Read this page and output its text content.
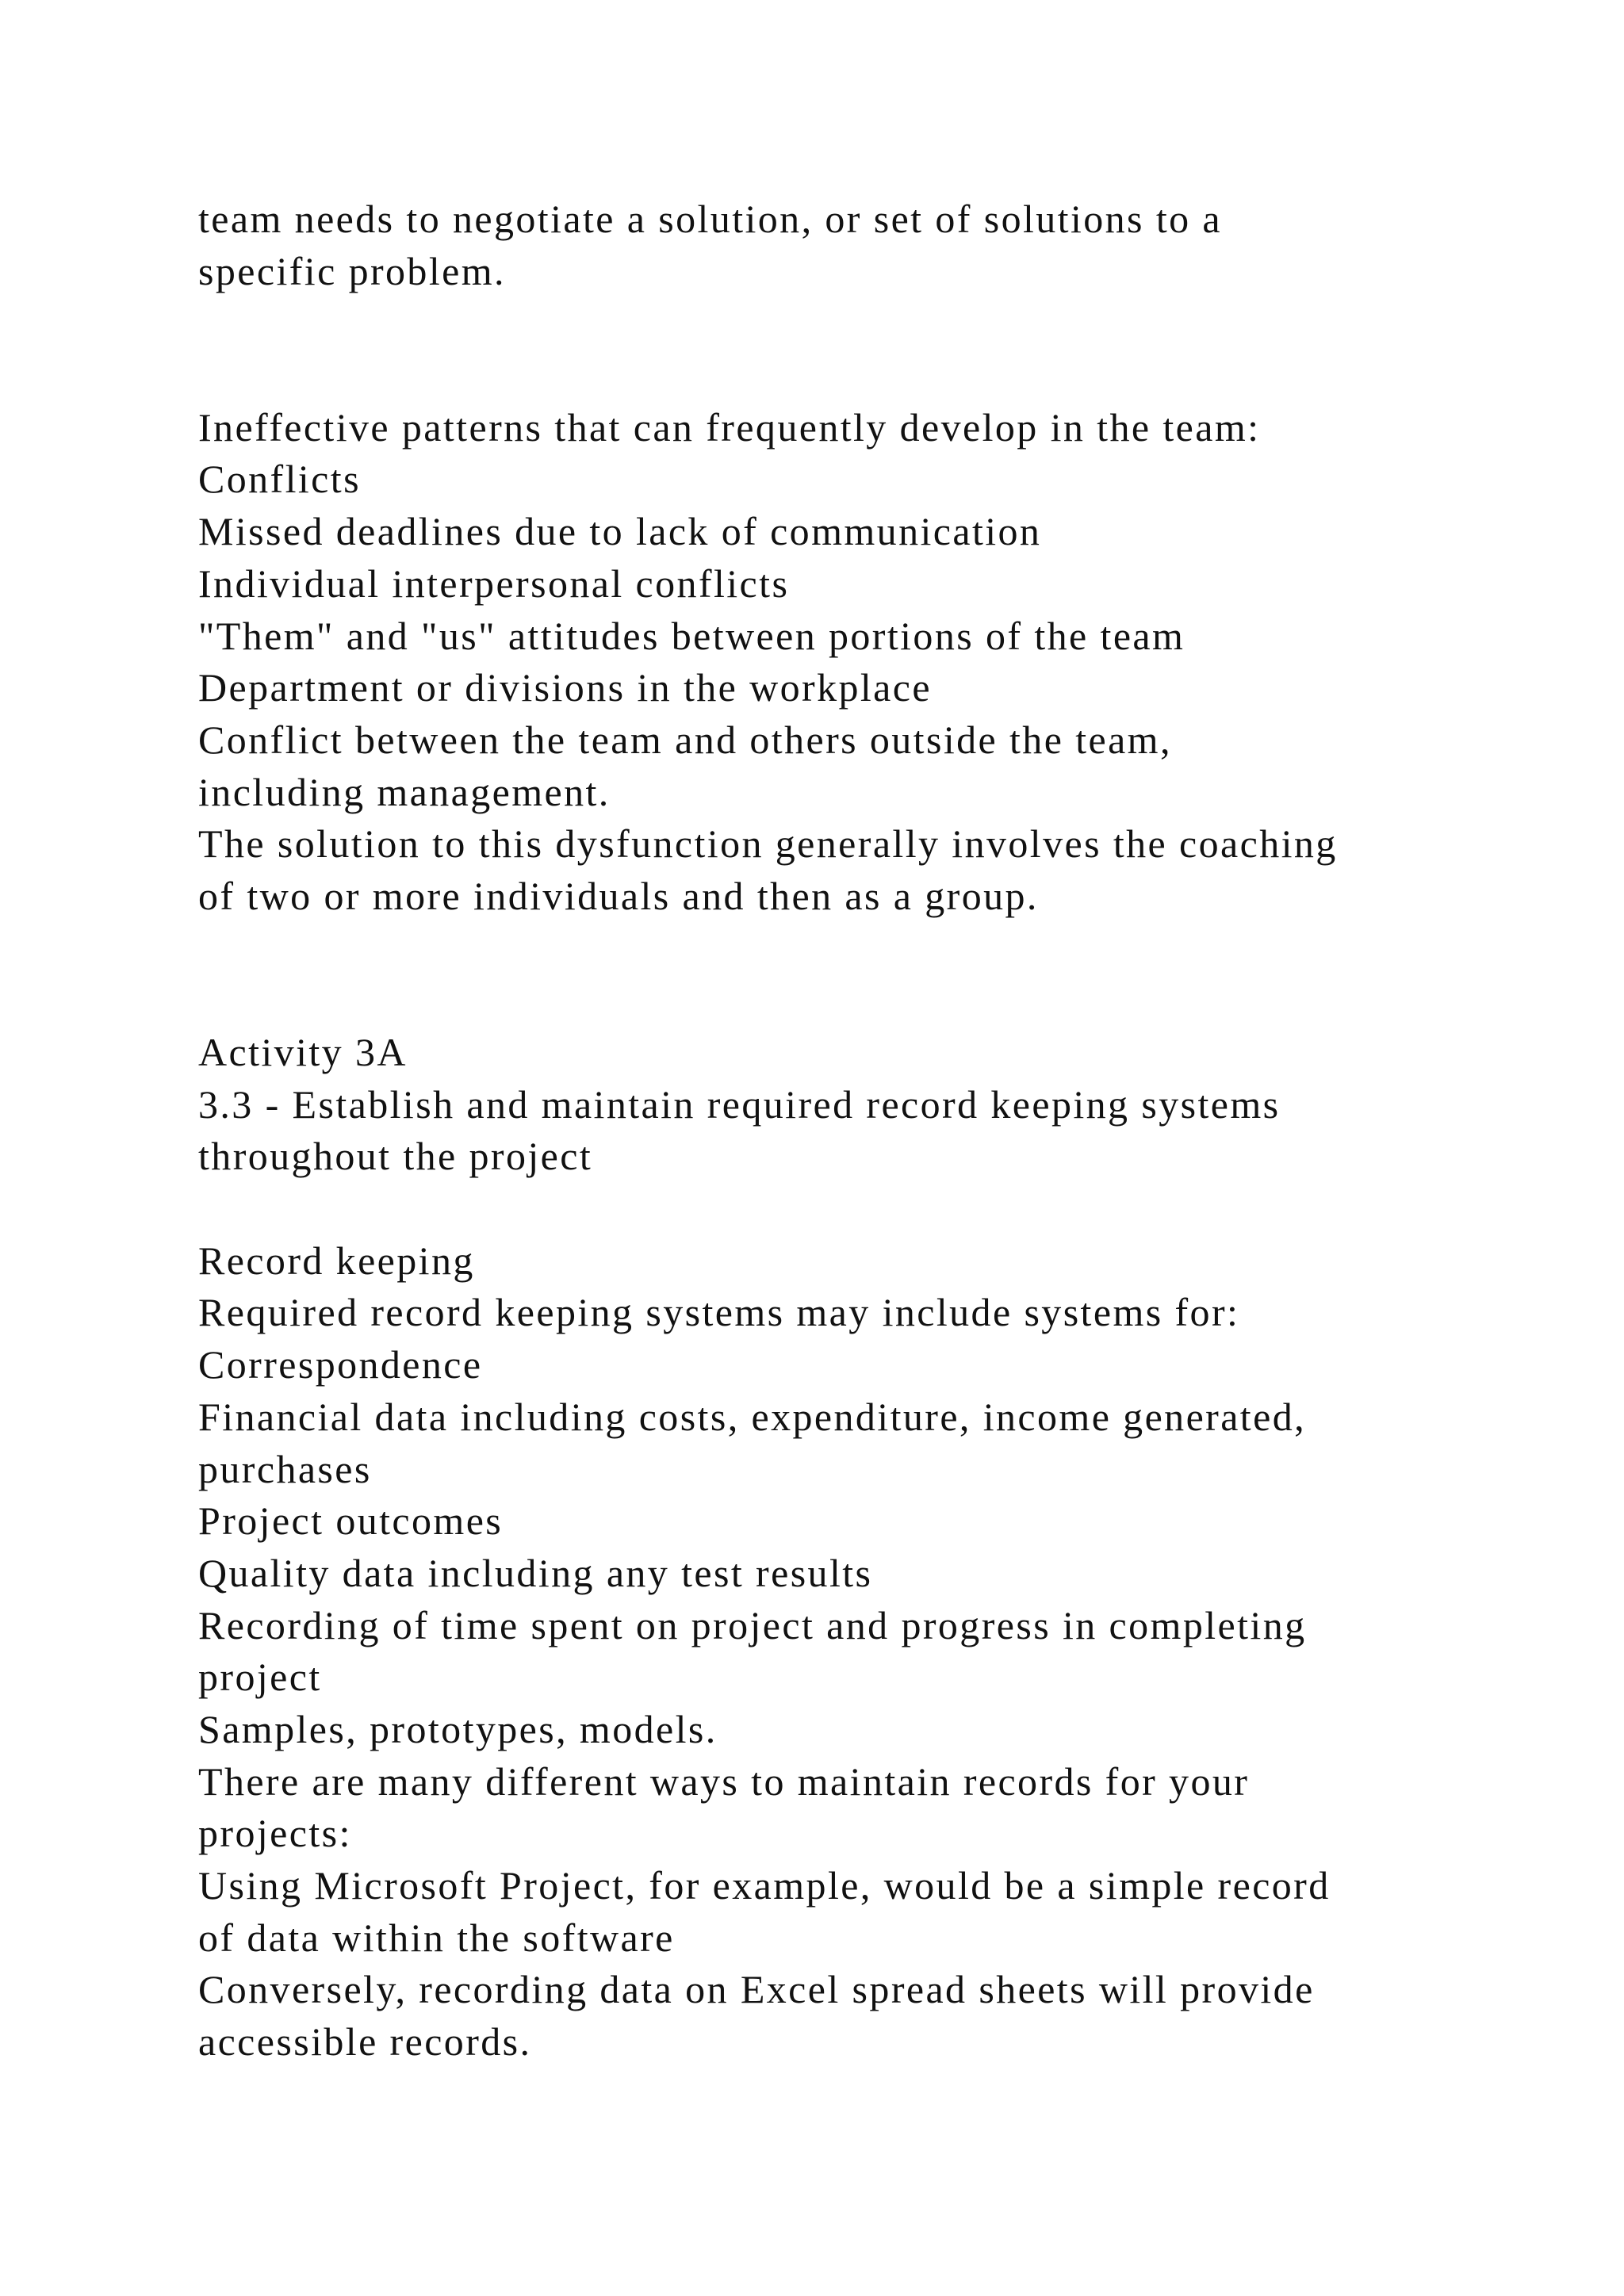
team needs to negotiate a solution, or set of solutions to a
specific problem.
Ineffective patterns that can frequently develop in the team:
Conflicts
Missed deadlines due to lack of communication
Individual interpersonal conflicts
"Them" and "us" attitudes between portions of the team
Department or divisions in the workplace
Conflict between the team and others outside the team,
including management.
The solution to this dysfunction generally involves the coaching
of two or more individuals and then as a group.
Activity 3A
3.3 - Establish and maintain required record keeping systems
throughout the project
Record keeping
Required record keeping systems may include systems for:
Correspondence
Financial data including costs, expenditure, income generated,
purchases
Project outcomes
Quality data including any test results
Recording of time spent on project and progress in completing
project
Samples, prototypes, models.
There are many different ways to maintain records for your
projects:
Using Microsoft Project, for example, would be a simple record
of data within the software
Conversely, recording data on Excel spread sheets will provide
accessible records.
